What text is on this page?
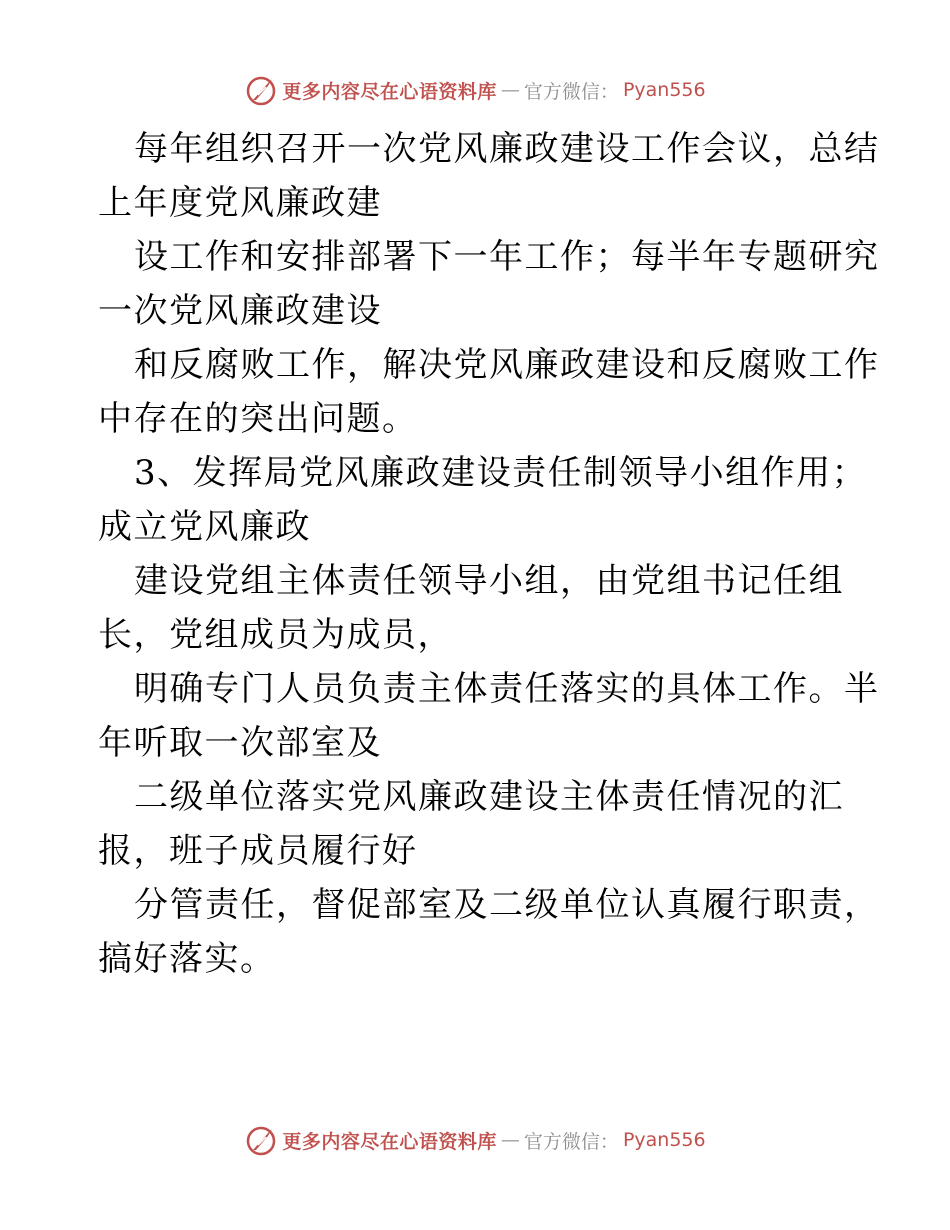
更多内容尽在心语资料库 — 官方微信： Pyan556
每年组织召开一次党风廉政建设工作会议，总结
上年度党风廉政建
设工作和安排部署下一年工作；每半年专题研究
一次党风廉政建设
和反腐败工作，解决党风廉政建设和反腐败工作
中存在的突出问题。
3、发挥局党风廉政建设责任制领导小组作用；
成立党风廉政
建设党组主体责任领导小组，由党组书记任组
长，党组成员为成员，
明确专门人员负责主体责任落实的具体工作。半
年听取一次部室及
二级单位落实党风廉政建设主体责任情况的汇
报，班子成员履行好
分管责任，督促部室及二级单位认真履行职责，
搞好落实。
更多内容尽在心语资料库 — 官方微信： Pyan556
